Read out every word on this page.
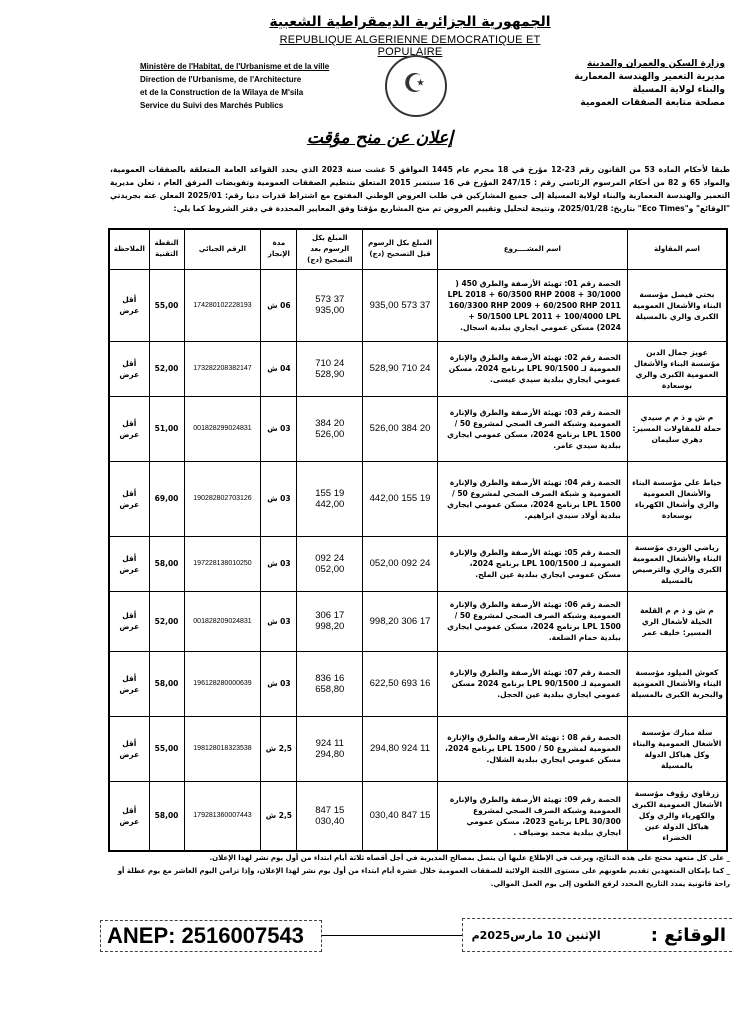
الجمهورية الجزائرية الديمقراطية الشعبية
REPUBLIQUE ALGERIENNE DEMOCRATIQUE ET POPULAIRE
Ministère de l'Habitat, de l'Urbanisme et de la ville
Direction de l'Urbanisme, de l'Architecture
et de la Construction de la Wilaya de M'sila
Service du Suivi des Marchés Publics
☪
وزارة السكن والعمران والمدينة
مديرية التعمير والهندسة المعمارية
والبناء لولاية المسيلة
مصلحة متابعة الصفقات العمومية
إعلان عن منح مؤقت
طبقا لأحكام المادة 53 من القانون رقم 23-12 مؤرخ في 18 محرم عام 1445 الموافق 5 غشت سنة 2023 الذي يحدد القواعد العامة المتعلقة بالصفقات العمومية، والمواد 65 و 82 من أحكام المرسوم الرئاسي رقم : 247/15 المؤرخ في 16 سبتمبر 2015 المتعلق بتنظيم الصفقات العمومية وتفويضات المرفق العام ، تعلن مديرية التعمير والهندسة المعمارية والبناء لولاية المسيلة إلى جميع المشاركين في طلب العروض الوطني المفتوح مع اشتراط قدرات دنيا رقم: 2025/01 المعلن عنه بجريدتي "الوقائع" و"Eco Times" بتاريخ: 2025/01/28، ونتيجة لتحليل وتقييم العروض تم منح المشاريع مؤقتا وفق المعايير المحددة في دفتر الشروط كما يلي:
اسم المقاولة	اسم المشــــروع	المبلغ بكل الرسوم قبل التصحيح (دج)	المبلغ بكل الرسوم بعد التصحيح (دج)	مدة الإنجاز	الرقم الجبائي	النقطة التقنية	الملاحظة
بختي فيصل مؤسسة البناء والأشغال العمومية الكبرى والري بالمسيلة	الحصة رقم 01: تهيئة الأرصفة والطرق 450 ( 30/1000 LPL 2018 + 60/3500 RHP 2008 + 160/3300 RHP 2009 + 60/2500 RHP 2011 + 50/1500 LPL 2011 + 100/4000 LPL 2024) مسكن عمومي ايجاري ببلدية اسجال.	37 573 935,00	37 573 935,00	06 ش	174280102228193	55,00	أقل عرض
عويز جمال الدين مؤسسة البناء والأشغال العمومية الكبرى والري بوسعادة	الحصة رقم 02: تهيئة الأرصفة والطرق والإنارة العمومية لـ 90/1500 LPL برنامج 2024، مسكن عمومي ايجاري ببلدية سيدي عيسى.	24 710 528,90	24 710 528,90	04 ش	173282208382147	52,00	أقل عرض
م ش و ذ م م سيدي حملة للمقاولات المسير: دهري سليمان	الحصة رقم 03: تهيئة الأرصفة والطرق والإنارة العمومية وشبكة الصرف الصحي لمشروع 50 / 1500 LPL برنامج 2024، مسكن عمومي ايجاري ببلدية سيدي عامر.	20 384 526,00	20 384 526,00	03 ش	001828299024831	51,00	أقل عرض
خياط علي مؤسسة البناء والأشغال العمومية والري وأشغال الكهرباء بوسعادة	الحصة رقم 04: تهيئة الأرصفة والطرق والإنارة العمومية و شبكة الصرف الصحي لمشروع 50 / 1500 LPL برنامج 2024، مسكن عمومي ايجاري ببلدية أولاد سيدي ابراهيم.	19 155 442,00	19 155 442,00	03 ش	190282802703126	69,00	أقل عرض
رياضي الوردي مؤسسة البناء والأشغال العمومية الكبرى والري والترصيص بالمسيلة	الحصة رقم 05: تهيئة الأرصفة والطرق والإنارة العمومية لـ 100/1500 LPL برنامج 2024، مسكن عمومي ايجاري ببلدية عين الملح.	24 092 052,00	24 092 052,00	03 ش	197228138010250	58,00	أقل عرض
م ش و ذ م م القلعة الخيلة لأشغال الري المسير: خليف عمر	الحصة رقم 06: تهيئة الأرصفة والطرق والإنارة العمومية وشبكة الصرف الصحي لمشروع 50 / 1500 LPL برنامج 2024، مسكن عمومي ايجاري ببلدية حمام الضلعة.	17 306 998,20	17 306 998,20	03 ش	001828209024831	52,00	أقل عرض
كعوش الميلود مؤسسة البناء والأشغال العمومية والبحرية الكبرى بالمسيلة	الحصة رقم 07: تهيئة الأرصفة والطرق والإنارة العمومية لـ 90/1500 LPL برنامج 2024 مسكن عمومي ايجاري ببلدية عين الحجل.	16 693 622,50	16 836 658,80	03 ش	196128280000639	58,00	أقل عرض
سلة مبارك مؤسسة الأشغال العمومية والبناء وكل هياكل الدولة بالمسيلة	الحصة رقم 08 : تهيئة الأرصفة والطرق والإنارة العمومية لمشروع 50 / 1500 LPL برنامج 2024، مسكن عمومي ايجاري ببلدية الشلال.	11 924 294,80	11 924 294,80	2,5 ش	198128018323538	55,00	أقل عرض
زرقاوي رؤوف مؤسسة الأشغال العمومية الكبرى والكهرباء والري وكل هياكل الدولة عين الخضراء	الحصة رقم 09: تهيئة الأرصفة والطرق والإنارة العمومية وشبكة الصرف الصحي لمشروع 30/300 LPL برنامج 2023، مسكن عمومي ايجاري ببلدية محمد بوضياف .	15 847 030,40	15 847 030,40	2,5 ش	179281360007443	58,00	أقل عرض
_ على كل متعهد محتج على هذه النتائج، ويرغب في الإطلاع عليها أن يتصل بمصالح المديرية في أجل أقصاه ثلاثة أيام ابتداء من أول يوم نشر لهذا الإعلان.
_ كما بإمكان المتعهدين تقديم طعونهم على مستوى اللجنة الولائية للصفقات العمومية خلال عشرة أيام ابتداء من أول يوم نشر لهذا الإعلان، وإذا تزامن اليوم العاشر مع يوم عطلة أو راحة قانونية يمدد التاريخ المحدد لرفع الطعون إلى يوم العمل الموالي.
ANEP: 2516007543	الوقائع :
الإثنين 10 مارس2025م
